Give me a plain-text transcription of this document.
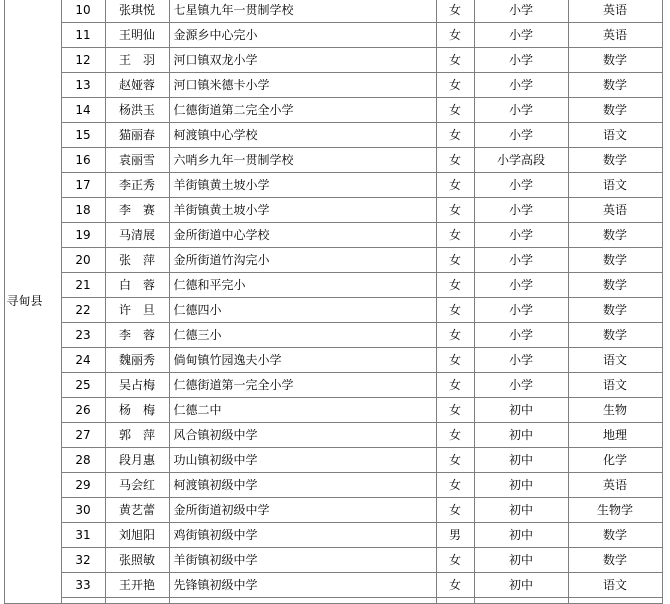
	寻甸县	10	张琪悦	七星镇九年一贯制学校	女	小学	英语
		11	王明仙	金源乡中心完小	女	小学	英语
		12	王　羽	河口镇双龙小学	女	小学	数学
		13	赵娅蓉	河口镇米德卡小学	女	小学	数学
		14	杨洪玉	仁德街道第二完全小学	女	小学	数学
		15	猫丽春	柯渡镇中心学校	女	小学	语文
		16	袁丽雪	六哨乡九年一贯制学校	女	小学高段	数学
		17	李正秀	羊街镇黄土坡小学	女	小学	语文
		18	李　赛	羊街镇黄土坡小学	女	小学	英语
		19	马清展	金所街道中心学校	女	小学	数学
		20	张　萍	金所街道竹沟完小	女	小学	数学
		21	白　蓉	仁德和平完小	女	小学	数学
		22	许　旦	仁德四小	女	小学	数学
		23	李　蓉	仁德三小	女	小学	数学
		24	魏丽秀	倘甸镇竹园逸夫小学	女	小学	语文
		25	吴占梅	仁德街道第一完全小学	女	小学	语文
		26	杨　梅	仁德二中	女	初中	生物
		27	郭　萍	风合镇初级中学	女	初中	地理
		28	段月惠	功山镇初级中学	女	初中	化学
		29	马会红	柯渡镇初级中学	女	初中	英语
		30	黄艺蕾	金所街道初级中学	女	初中	生物学
		31	刘旭阳	鸡街镇初级中学	男	初中	数学
		32	张照敏	羊街镇初级中学	女	初中	数学
		33	王开艳	先锋镇初级中学	女	初中	语文
